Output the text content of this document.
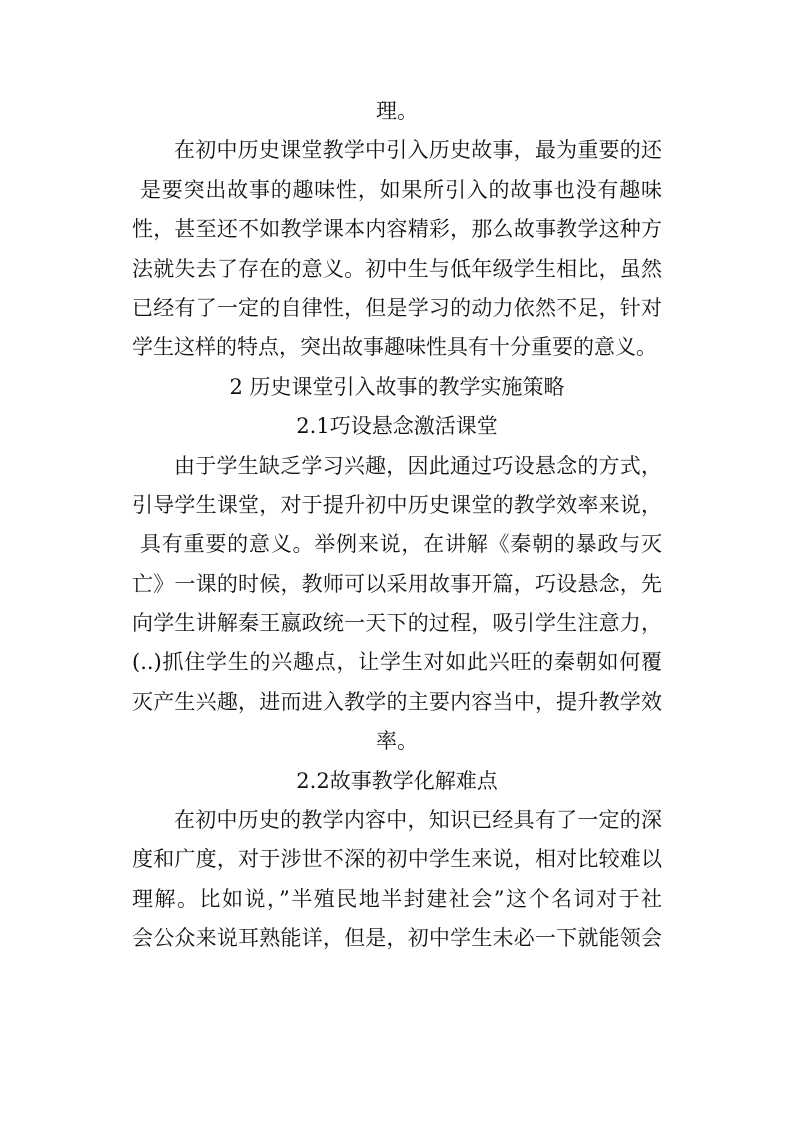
理。
在初中历史课堂教学中引入历史故事，最为重要的还
是要突出故事的趣味性，如果所引入的故事也没有趣味
性，甚至还不如教学课本内容精彩，那么故事教学这种方
法就失去了存在的意义。初中生与低年级学生相比，虽然
已经有了一定的自律性，但是学习的动力依然不足，针对
学生这样的特点，突出故事趣味性具有十分重要的意义。
2 历史课堂引入故事的教学实施策略
2.1巧设悬念激活课堂
由于学生缺乏学习兴趣，因此通过巧设悬念的方式，
引导学生课堂，对于提升初中历史课堂的教学效率来说，
具有重要的意义。举例来说，在讲解《秦朝的暴政与灭
亡》一课的时候，教师可以采用故事开篇，巧设悬念，先
向学生讲解秦王嬴政统一天下的过程，吸引学生注意力，
(..)抓住学生的兴趣点，让学生对如此兴旺的秦朝如何覆
灭产生兴趣，进而进入教学的主要内容当中，提升教学效
率。
2.2故事教学化解难点
在初中历史的教学内容中，知识已经具有了一定的深
度和广度，对于涉世不深的初中学生来说，相对比较难以
理解。比如说，”半殖民地半封建社会”这个名词对于社
会公众来说耳熟能详，但是，初中学生未必一下就能领会
